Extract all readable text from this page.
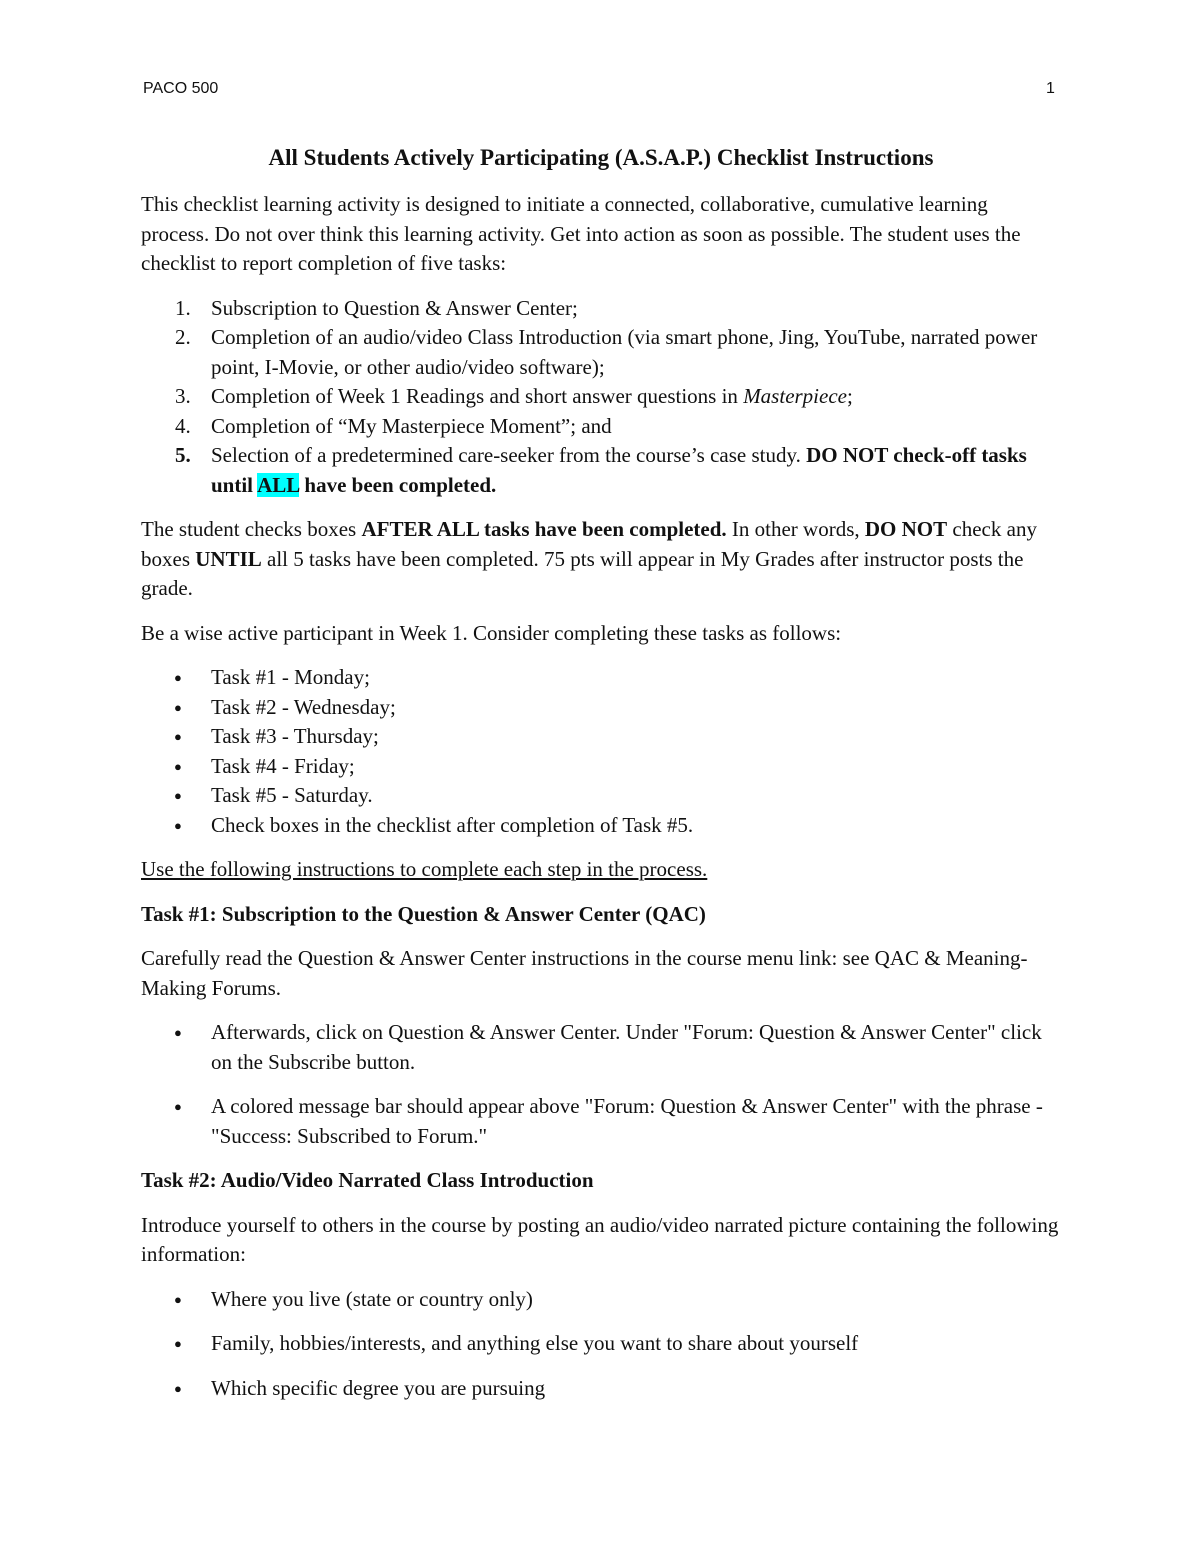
PACO 500	1
All Students Actively Participating (A.S.A.P.) Checklist Instructions

This checklist learning activity is designed to initiate a connected, collaborative, cumulative learning process. Do not over think this learning activity. Get into action as soon as possible. The student uses the checklist to report completion of five tasks:

Subscription to Question & Answer Center;
Completion of an audio/video Class Introduction (via smart phone, Jing, YouTube, narrated power point, I-Movie, or other audio/video software);
Completion of Week 1 Readings and short answer questions in Masterpiece;
Completion of “My Masterpiece Moment”; and
Selection of a predetermined care-seeker from the course’s case study. DO NOT check-off tasks until ALL have been completed.

The student checks boxes AFTER ALL tasks have been completed. In other words, DO NOT check any boxes UNTIL all 5 tasks have been completed. 75 pts will appear in My Grades after instructor posts the grade.

Be a wise active participant in Week 1. Consider completing these tasks as follows:

● Task #1 - Monday;
● Task #2 - Wednesday;
● Task #3 - Thursday;
● Task #4 - Friday;
● Task #5 - Saturday.
● Check boxes in the checklist after completion of Task #5.

Use the following instructions to complete each step in the process.

Task #1: Subscription to the Question & Answer Center (QAC)

Carefully read the Question & Answer Center instructions in the course menu link: see QAC & Meaning-Making Forums.

● Afterwards, click on Question & Answer Center. Under "Forum: Question & Answer Center" click on the Subscribe button.
● A colored message bar should appear above "Forum: Question & Answer Center" with the phrase - "Success: Subscribed to Forum."
Task #2: Audio/Video Narrated Class Introduction

Introduce yourself to others in the course by posting an audio/video narrated picture containing the following information:

● Where you live (state or country only)
● Family, hobbies/interests, and anything else you want to share about yourself
● Which specific degree you are pursuing
